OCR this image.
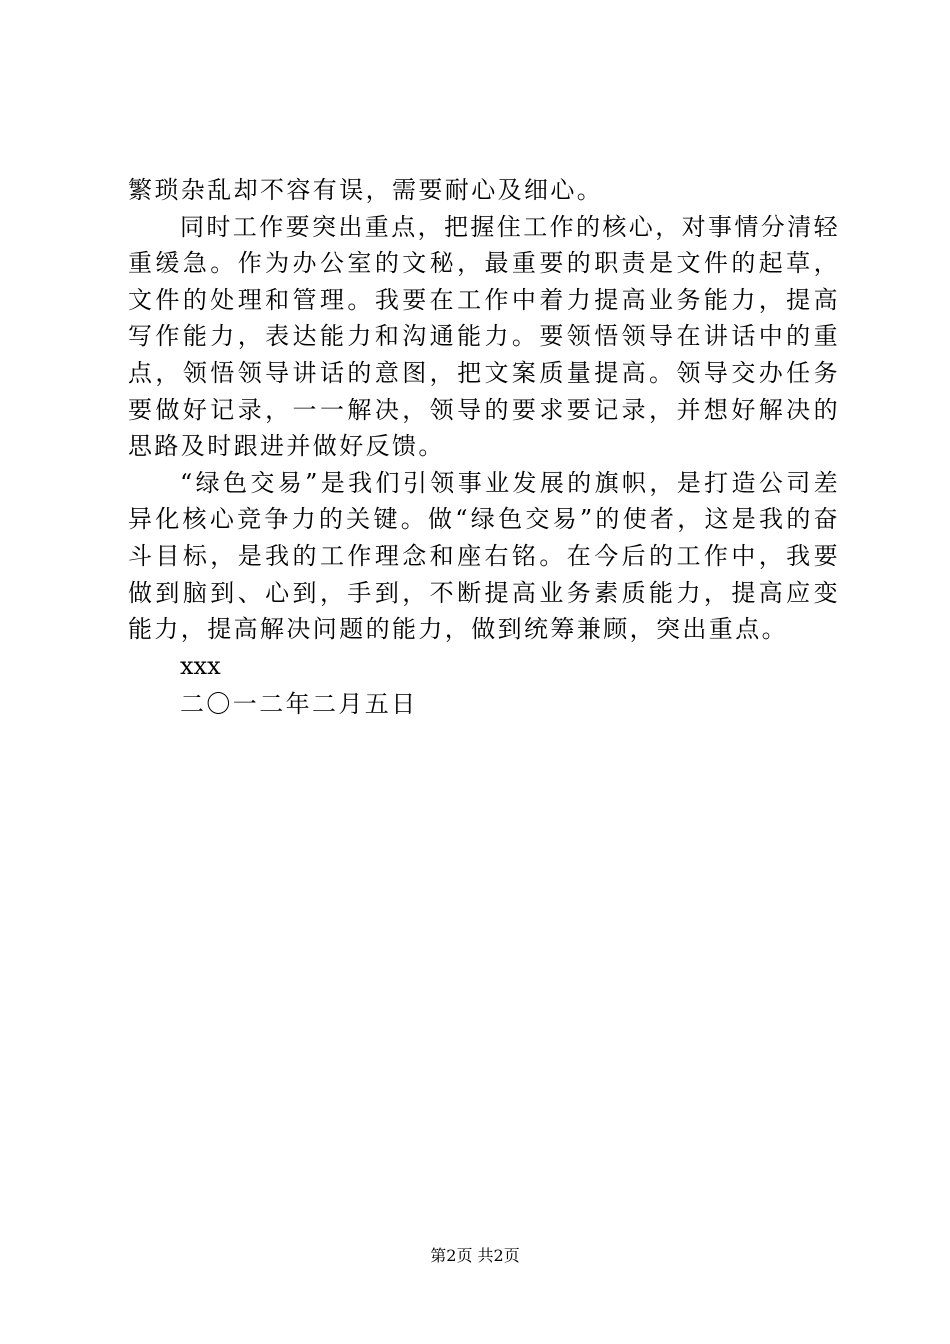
繁琐杂乱却不容有误，需要耐心及细心。

同时工作要突出重点，把握住工作的核心，对事情分清轻重缓急。作为办公室的文秘，最重要的职责是文件的起草，文件的处理和管理。我要在工作中着力提高业务能力，提高写作能力，表达能力和沟通能力。要领悟领导在讲话中的重点，领悟领导讲话的意图，把文案质量提高。领导交办任务要做好记录，一一解决，领导的要求要记录，并想好解决的思路及时跟进并做好反馈。

“绿色交易”是我们引领事业发展的旗帜，是打造公司差异化核心竞争力的关键。做“绿色交易”的使者，这是我的奋斗目标，是我的工作理念和座右铭。在今后的工作中，我要做到脑到、心到，手到，不断提高业务素质能力，提高应变能力，提高解决问题的能力，做到统筹兼顾，突出重点。

xxx

二〇一二年二月五日

第2页 共2页
